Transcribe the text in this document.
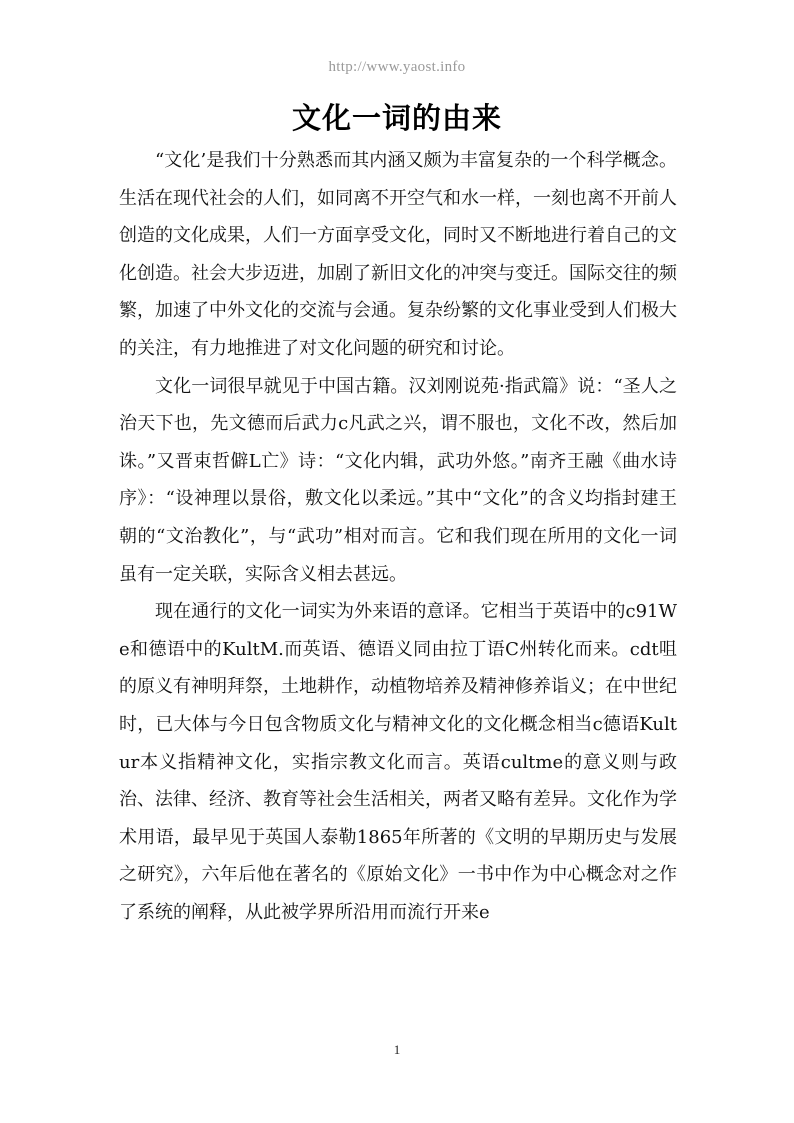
http://www.yaost.info
文化一词的由来

“文化’是我们十分熟悉而其内涵又颇为丰富复杂的一个科学概念。生活在现代社会的人们，如同离不开空气和水一样，一刻也离不开前人创造的文化成果，人们一方面享受文化，同时又不断地进行着自己的文化创造。社会大步迈进，加剧了新旧文化的冲突与变迁。国际交往的频繁，加速了中外文化的交流与会通。复杂纷繁的文化事业受到人们极大的关注，有力地推进了对文化问题的研究和讨论。

文化一词很早就见于中国古籍。汉刘刚说苑·指武篇》说：“圣人之治天下也，先文德而后武力c凡武之兴，谓不服也，文化不改，然后加诛。”又晋束哲僻L亡》诗：“文化内辑，武功外悠。”南齐王融《曲水诗序》：“设神理以景俗，敷文化以柔远。”其中“文化”的含义均指封建王朝的“文治教化”，与“武功”相对而言。它和我们现在所用的文化一词虽有一定关联，实际含义相去甚远。

现在通行的文化一词实为外来语的意译。它相当于英语中的c91We和德语中的KultM.而英语、德语义同由拉丁语C州转化而来。cdt咀的原义有神明拜祭，土地耕作，动植物培养及精神修养诣义；在中世纪时，已大体与今日包含物质文化与精神文化的文化概念相当c德语Kultur本义指精神文化，实指宗教文化而言。英语cultme的意义则与政治、法律、经济、教育等社会生活相关，两者又略有差异。文化作为学术用语，最早见于英国人泰勒1865年所著的《文明的早期历史与发展之研究》，六年后他在著名的《原始文化》一书中作为中心概念对之作了系统的阐释，从此被学界所沿用而流行开来e

1
